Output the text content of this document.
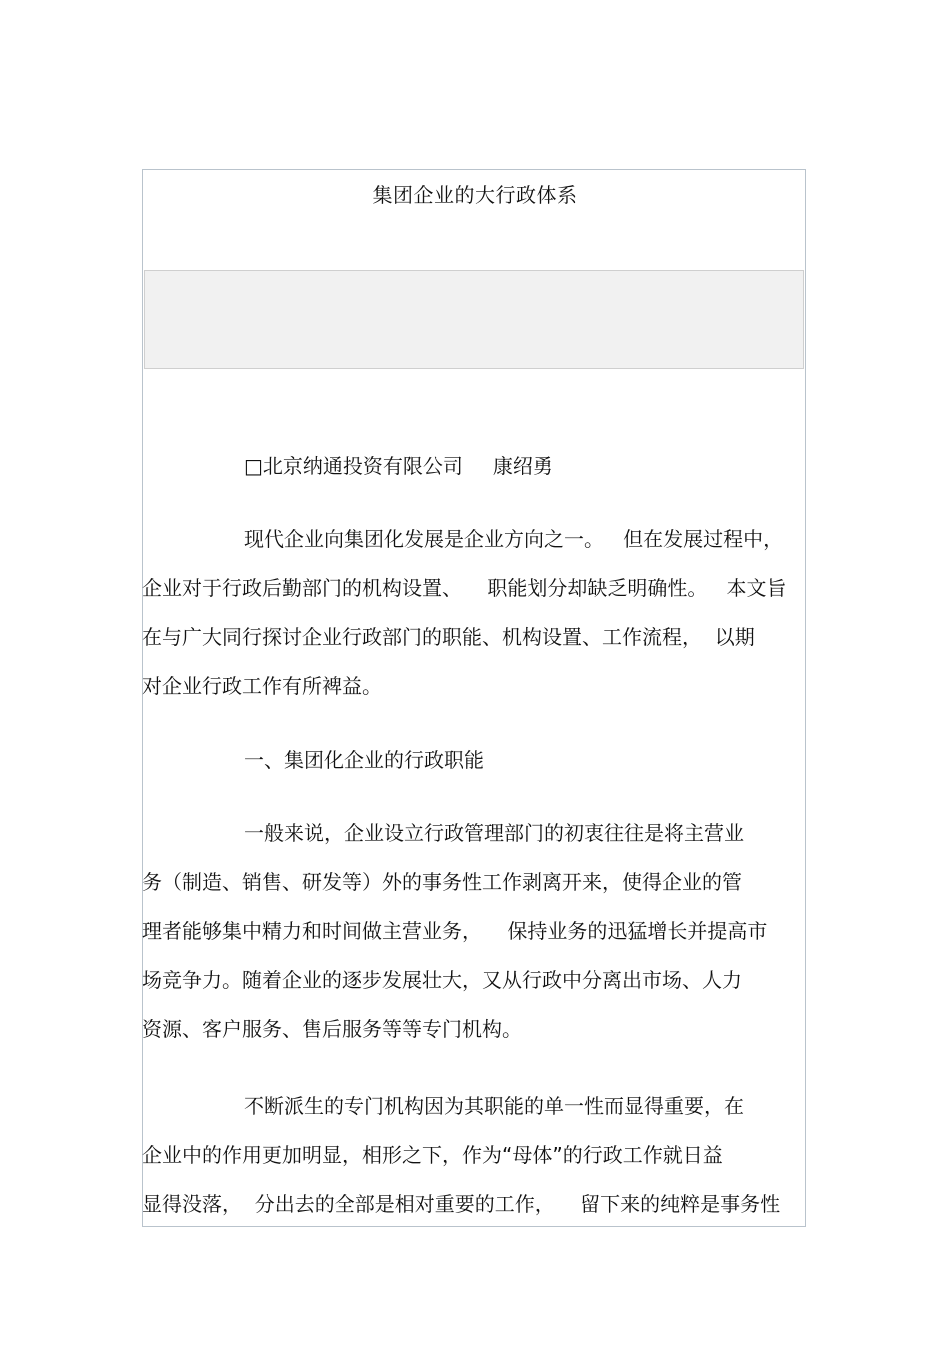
集团企业的大行政体系
□北京纳通投资有限公司 康绍勇
现代企业向集团化发展是企业方向之一。   但在发展过程中，
企业对于行政后勤部门的机构设置、    职能划分却缺乏明确性。   本文旨
在与广大同行探讨企业行政部门的职能、机构设置、工作流程，  以期
对企业行政工作有所裨益。
一、集团化企业的行政职能
一般来说，企业设立行政管理部门的初衷往往是将主营业
务（制造、销售、研发等）外的事务性工作剥离开来，使得企业的管
理者能够集中精力和时间做主营业务，    保持业务的迅猛增长并提高市
场竞争力。随着企业的逐步发展壮大，又从行政中分离出市场、人力
资源、客户服务、售后服务等等专门机构。
不断派生的专门机构因为其职能的单一性而显得重要，在
企业中的作用更加明显，相形之下，作为“母体”的行政工作就日益
显得没落，  分出去的全部是相对重要的工作，    留下来的纯粹是事务性
